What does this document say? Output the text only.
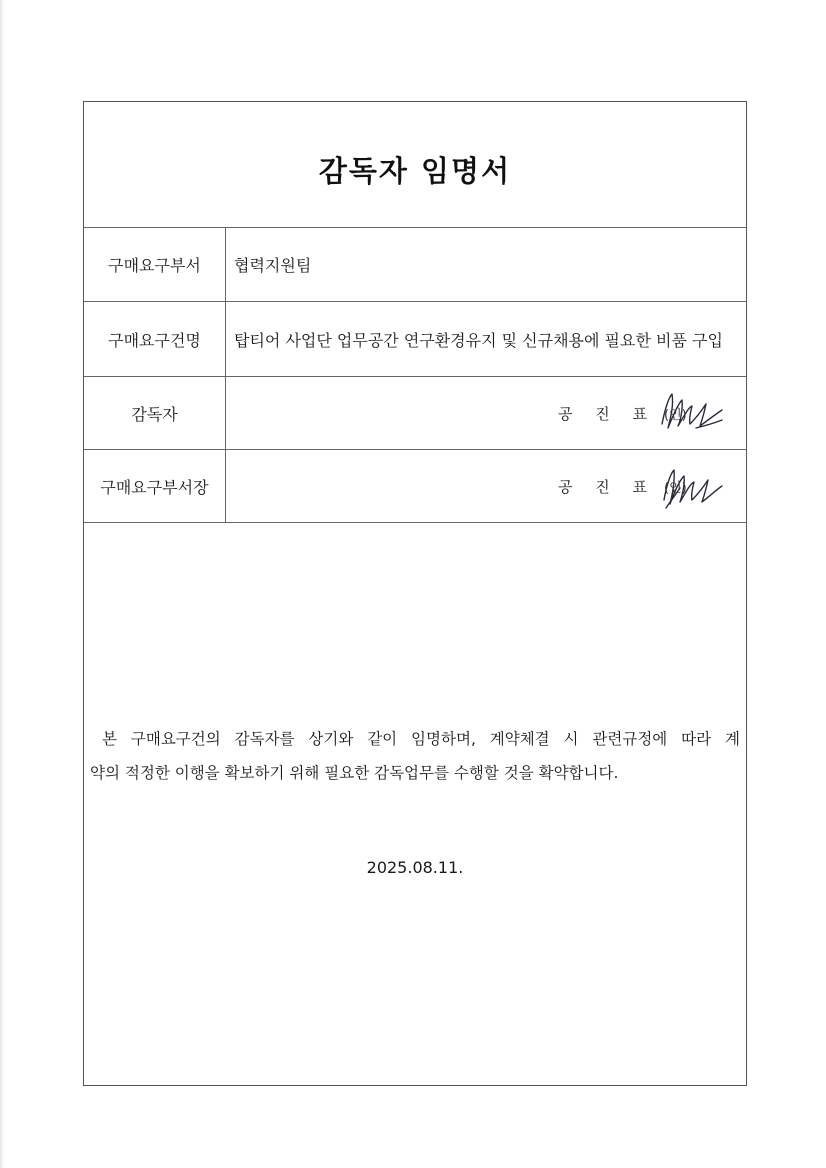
감독자 임명서
구매요구부서	협력지원팀
구매요구건명	탑티어 사업단 업무공간 연구환경유지 및 신규채용에 필요한 비품 구입
감독자	공 진 표 (인)
구매요구부서장	공 진 표 (인)
본 구매요구건의 감독자를 상기와 같이 임명하며, 계약체결 시 관련규정에 따라 계
약의 적정한 이행을 확보하기 위해 필요한 감독업무를 수행할 것을 확약합니다.
2025.08.11.
